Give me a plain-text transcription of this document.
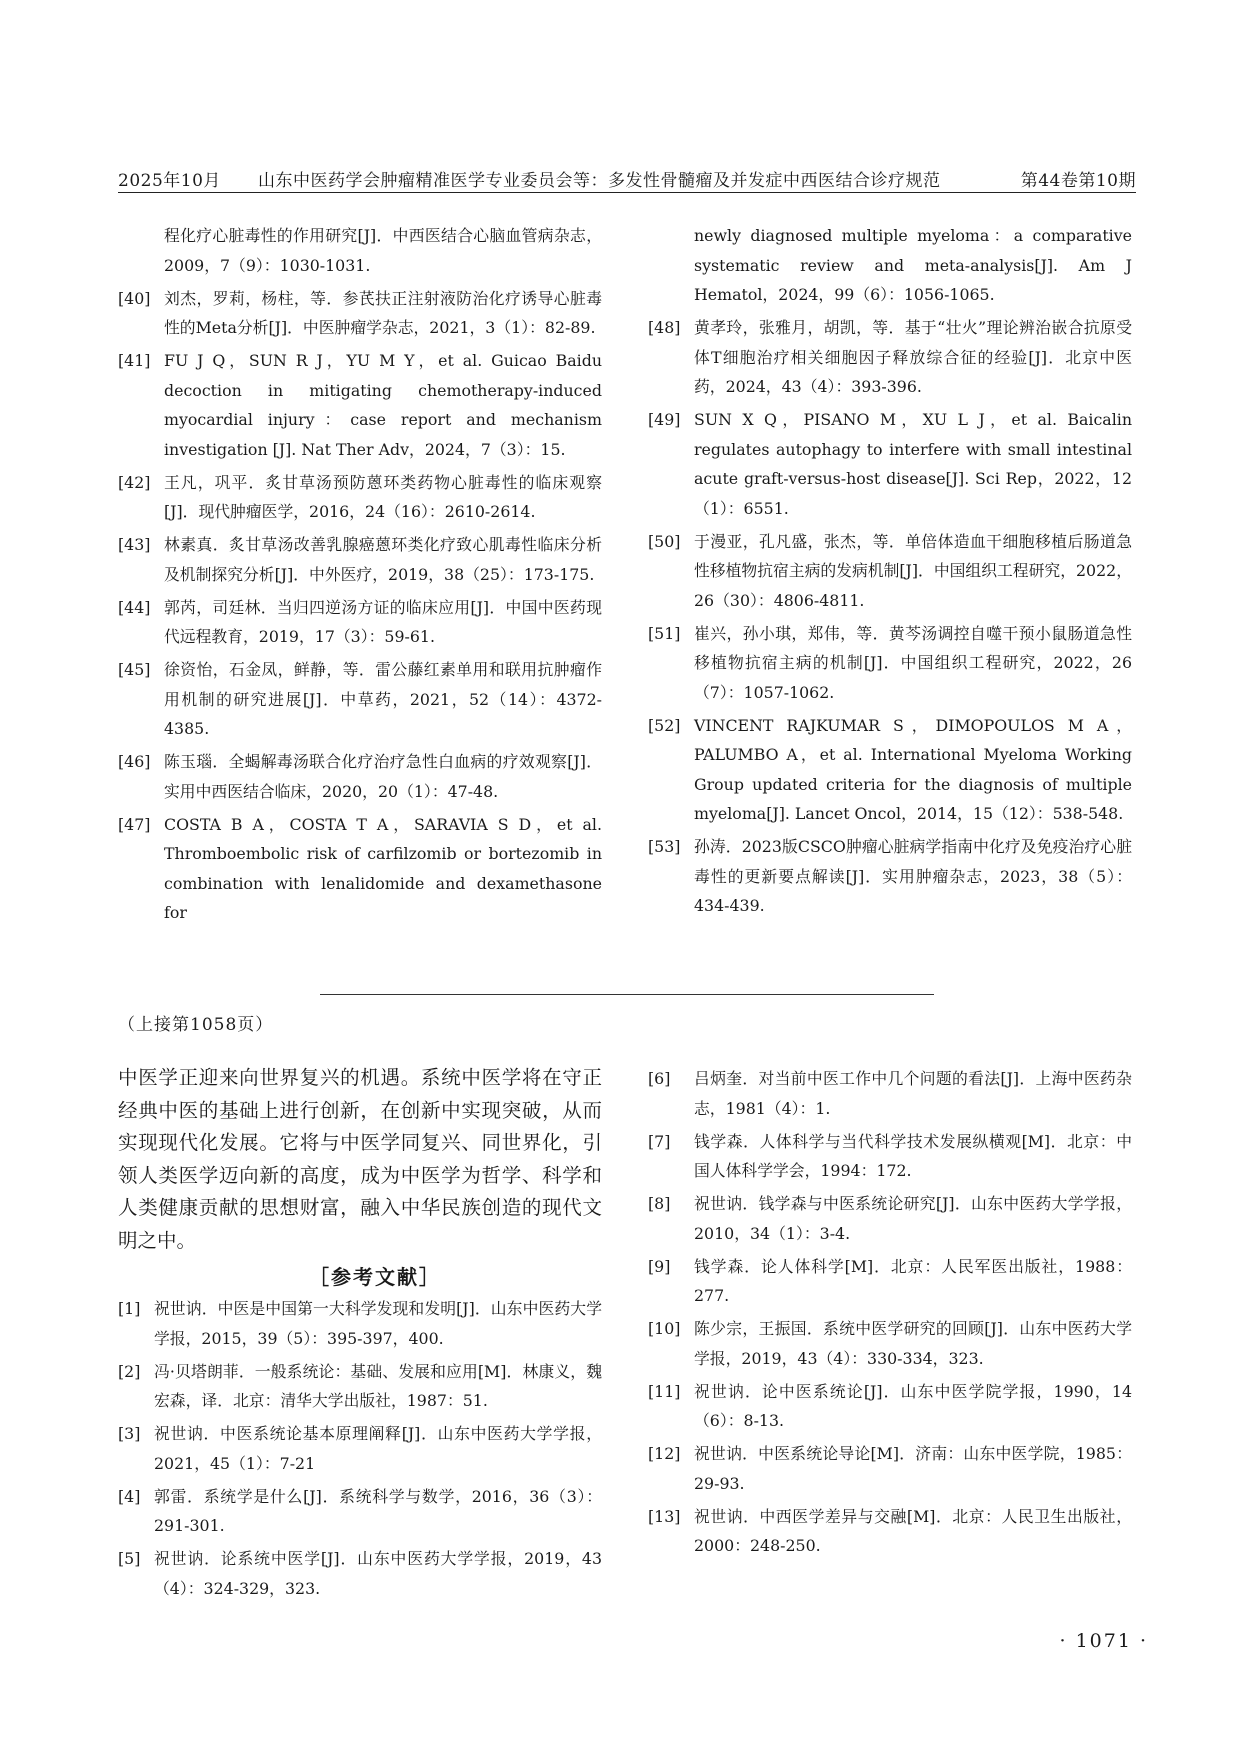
2025年10月 山东中医药学会肿瘤精准医学专业委员会等：多发性骨髓瘤及并发症中西医结合诊疗规范	第44卷第10期
程化疗心脏毒性的作用研究[J]．中西医结合心脑血管病杂志，2009，7（9）：1030-1031.
[40] 刘杰，罗莉，杨柱，等．参芪扶正注射液防治化疗诱导心脏毒性的Meta分析[J]．中医肿瘤学杂志，2021，3（1）：82-89.
[41] FU J Q，SUN R J，YU M Y，et al. Guicao Baidu decoction in mitigating chemotherapy-induced myocardial injury：case report and mechanism investigation [J]. Nat Ther Adv，2024，7（3）：15.
[42] 王凡，巩平．炙甘草汤预防蒽环类药物心脏毒性的临床观察[J]．现代肿瘤医学，2016，24（16）：2610-2614.
[43] 林素真．炙甘草汤改善乳腺癌蒽环类化疗致心肌毒性临床分析及机制探究分析[J]．中外医疗，2019，38（25）：173-175.
[44] 郭芮，司廷林．当归四逆汤方证的临床应用[J]．中国中医药现代远程教育，2019，17（3）：59-61.
[45] 徐资怡，石金凤，鲜静，等．雷公藤红素单用和联用抗肿瘤作用机制的研究进展[J]．中草药，2021，52（14）：4372-4385.
[46] 陈玉瑙．全蝎解毒汤联合化疗治疗急性白血病的疗效观察[J]．实用中西医结合临床，2020，20（1）：47-48.
[47] COSTA B A，COSTA T A，SARAVIA S D，et al. Thromboembolic risk of carfilzomib or bortezomib in combination with lenalidomide and dexamethasone for
newly diagnosed multiple myeloma：a comparative systematic review and meta-analysis[J]. Am J Hematol，2024，99（6）：1056-1065.
[48] 黄孝玲，张雅月，胡凯，等．基于“壮火”理论辨治嵌合抗原受体T细胞治疗相关细胞因子释放综合征的经验[J]．北京中医药，2024，43（4）：393-396.
[49] SUN X Q，PISANO M，XU L J，et al. Baicalin regulates autophagy to interfere with small intestinal acute graft-versus-host disease[J]. Sci Rep，2022，12（1）：6551.
[50] 于漫亚，孔凡盛，张杰，等．单倍体造血干细胞移植后肠道急性移植物抗宿主病的发病机制[J]．中国组织工程研究，2022，26（30）：4806-4811.
[51] 崔兴，孙小琪，郑伟，等．黄芩汤调控自噬干预小鼠肠道急性移植物抗宿主病的机制[J]．中国组织工程研究，2022，26（7）：1057-1062.
[52] VINCENT RAJKUMAR S，DIMOPOULOS M A，PALUMBO A，et al. International Myeloma Working Group updated criteria for the diagnosis of multiple myeloma[J]. Lancet Oncol，2014，15（12）：538-548.
[53] 孙涛．2023版CSCO肿瘤心脏病学指南中化疗及免疫治疗心脏毒性的更新要点解读[J]．实用肿瘤杂志，2023，38（5）：434-439.
（上接第1058页）

中医学正迎来向世界复兴的机遇。系统中医学将在守正经典中医的基础上进行创新，在创新中实现突破，从而实现现代化发展。它将与中医学同复兴、同世界化，引领人类医学迈向新的高度，成为中医学为哲学、科学和人类健康贡献的思想财富，融入中华民族创造的现代文明之中。

［参考文献］
[1] 祝世讷．中医是中国第一大科学发现和发明[J]．山东中医药大学学报，2015，39（5）：395-397，400.
[2] 冯·贝塔朗菲．一般系统论：基础、发展和应用[M]．林康义，魏宏森，译．北京：清华大学出版社，1987：51.
[3] 祝世讷．中医系统论基本原理阐释[J]．山东中医药大学学报，2021，45（1）：7-21
[4] 郭雷．系统学是什么[J]．系统科学与数学，2016，36（3）：291-301.
[5] 祝世讷．论系统中医学[J]．山东中医药大学学报，2019，43（4）：324-329，323.
[6] 吕炳奎．对当前中医工作中几个问题的看法[J]．上海中医药杂志，1981（4）：1.
[7] 钱学森．人体科学与当代科学技术发展纵横观[M]．北京：中国人体科学学会，1994：172.
[8] 祝世讷．钱学森与中医系统论研究[J]．山东中医药大学学报，2010，34（1）：3-4.
[9] 钱学森．论人体科学[M]．北京：人民军医出版社，1988：277.
[10] 陈少宗，王振国．系统中医学研究的回顾[J]．山东中医药大学学报，2019，43（4）：330-334，323.
[11] 祝世讷．论中医系统论[J]．山东中医学院学报，1990，14（6）：8-13.
[12] 祝世讷．中医系统论导论[M]．济南：山东中医学院，1985：29-93.
[13] 祝世讷．中西医学差异与交融[M]．北京：人民卫生出版社，2000：248-250.
· 1071 ·
